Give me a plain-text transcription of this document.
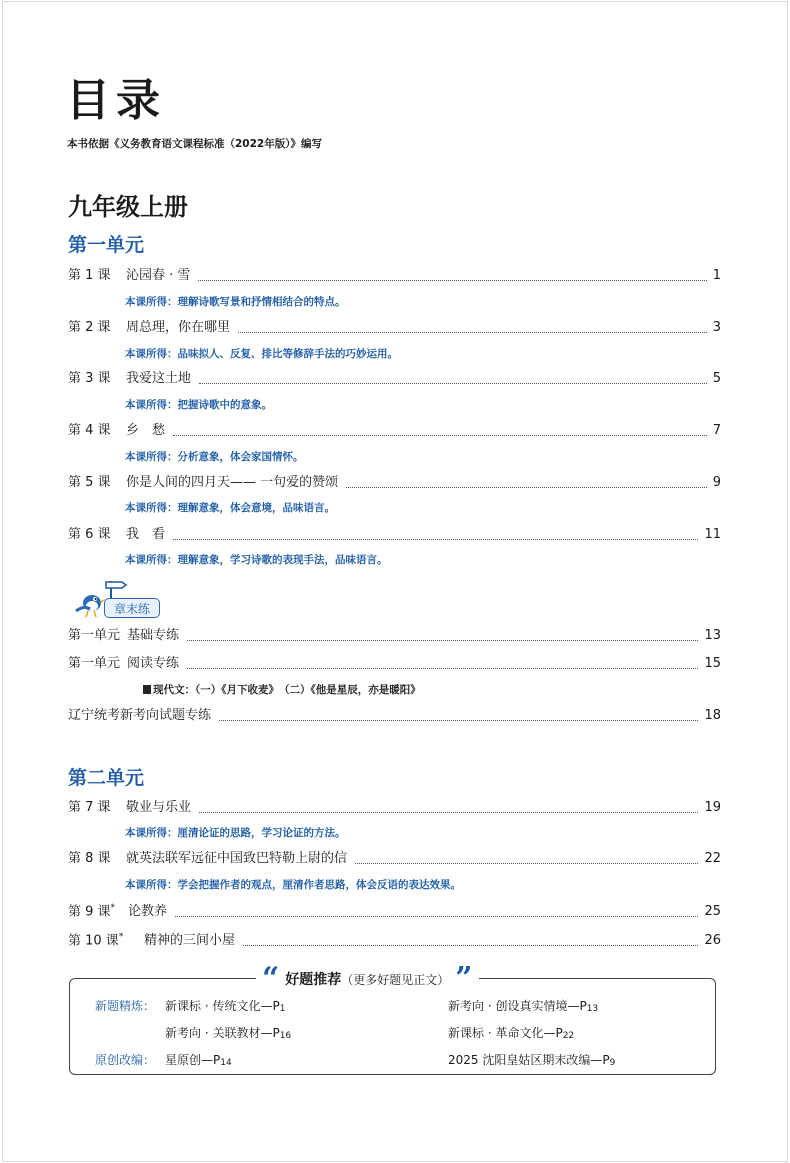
目录
本书依据《义务教育语文课程标准（2022年版）》编写
九年级上册
第一单元
第 1 课	沁园春 · 雪	1
本课所得：理解诗歌写景和抒情相结合的特点。
第 2 课	周总理，你在哪里	3
本课所得：品味拟人、反复、排比等修辞手法的巧妙运用。
第 3 课	我爱这土地	5
本课所得：把握诗歌中的意象。
第 4 课	乡　愁	7
本课所得：分析意象，体会家国情怀。
第 5 课	你是人间的四月天—— 一句爱的赞颂	9
本课所得：理解意象，体会意境，品味语言。
第 6 课	我　看	11
本课所得：理解意象，学习诗歌的表现手法，品味语言。
章末练
第一单元 基础专练	13
第一单元 阅读专练	15
现代文：（一）《月下收麦》　（二）《他是星辰，亦是暖阳》
辽宁统考新考向试题专练	18
第二单元
第 7 课	敬业与乐业	19
本课所得：厘清论证的思路，学习论证的方法。
第 8 课	就英法联军远征中国致巴特勒上尉的信	22
本课所得：学会把握作者的观点，厘清作者思路，体会反语的表达效果。
第 9 课* 论教养	25
第 10 课*	精神的三间小屋	26
“ 好题推荐（更多好题见正文） ”
新题精炼： 新课标 · 传统文化$—P_1$	新考向 · 创设真实情境$—P_{13}$
新考向 · 关联教材$—P_{16}$	新课标 · 革命文化$—P_{22}$
原创改编： 星原创$—P_{14}$	2025 沈阳皇姑区期末改编$—P_9$
